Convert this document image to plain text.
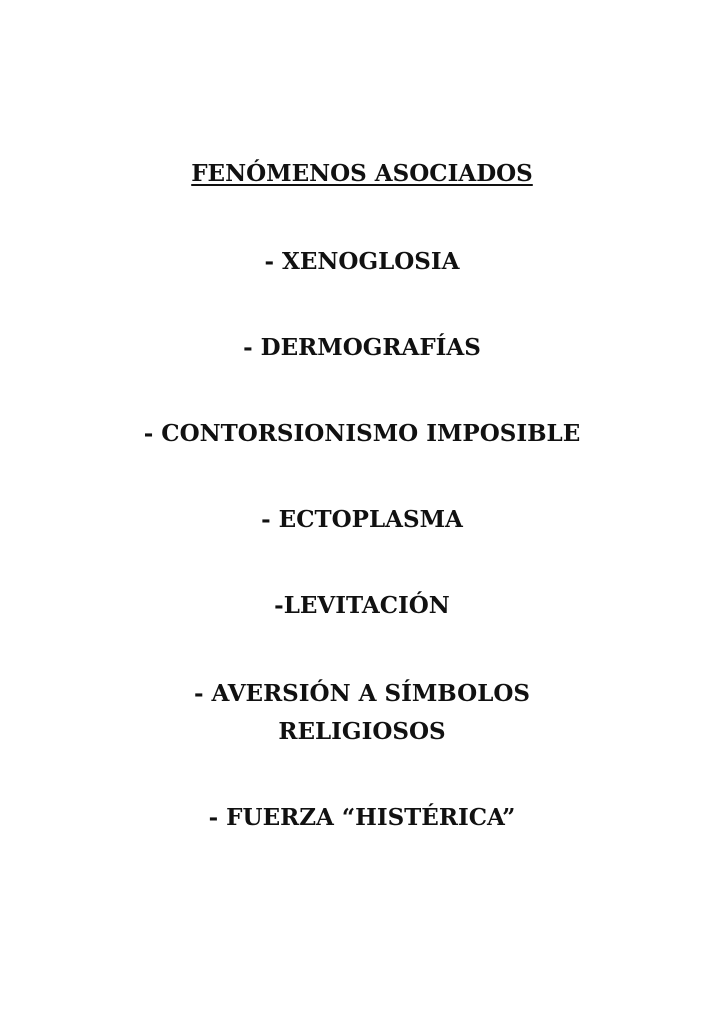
FENÓMENOS ASOCIADOS
- XENOGLOSIA
- DERMOGRAFÍAS
- CONTORSIONISMO IMPOSIBLE
- ECTOPLASMA
-LEVITACIÓN
- AVERSIÓN A SÍMBOLOS
RELIGIOSOS
- FUERZA “HISTÉRICA”
